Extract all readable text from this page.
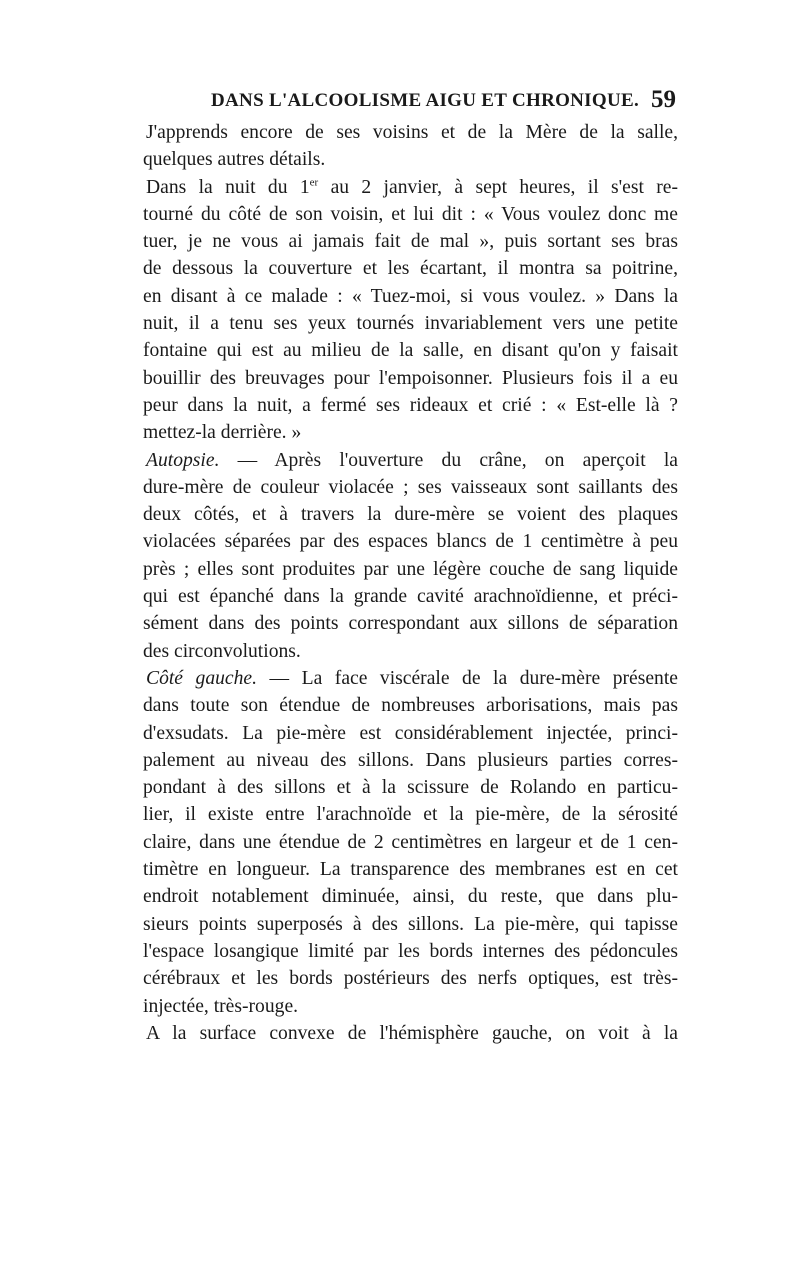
DANS L'ALCOOLISME AIGU ET CHRONIQUE. 59
J'apprends encore de ses voisins et de la Mère de la salle,
quelques autres détails.
Dans la nuit du 1er au 2 janvier, à sept heures, il s'est re-
tourné du côté de son voisin, et lui dit : « Vous voulez donc me
tuer, je ne vous ai jamais fait de mal », puis sortant ses bras
de dessous la couverture et les écartant, il montra sa poitrine,
en disant à ce malade : « Tuez-moi, si vous voulez. » Dans la
nuit, il a tenu ses yeux tournés invariablement vers une petite
fontaine qui est au milieu de la salle, en disant qu'on y faisait
bouillir des breuvages pour l'empoisonner. Plusieurs fois il a eu
peur dans la nuit, a fermé ses rideaux et crié : « Est-elle là ?
mettez-la derrière. »
Autopsie. — Après l'ouverture du crâne, on aperçoit la
dure-mère de couleur violacée ; ses vaisseaux sont saillants des
deux côtés, et à travers la dure-mère se voient des plaques
violacées séparées par des espaces blancs de 1 centimètre à peu
près ; elles sont produites par une légère couche de sang liquide
qui est épanché dans la grande cavité arachnoïdienne, et préci-
sément dans des points correspondant aux sillons de séparation
des circonvolutions.
Côté gauche. — La face viscérale de la dure-mère présente
dans toute son étendue de nombreuses arborisations, mais pas
d'exsudats. La pie-mère est considérablement injectée, princi-
palement au niveau des sillons. Dans plusieurs parties corres-
pondant à des sillons et à la scissure de Rolando en particu-
lier, il existe entre l'arachnoïde et la pie-mère, de la sérosité
claire, dans une étendue de 2 centimètres en largeur et de 1 cen-
timètre en longueur. La transparence des membranes est en cet
endroit notablement diminuée, ainsi, du reste, que dans plu-
sieurs points superposés à des sillons. La pie-mère, qui tapisse
l'espace losangique limité par les bords internes des pédoncules
cérébraux et les bords postérieurs des nerfs optiques, est très-
injectée, très-rouge.
A la surface convexe de l'hémisphère gauche, on voit à la
